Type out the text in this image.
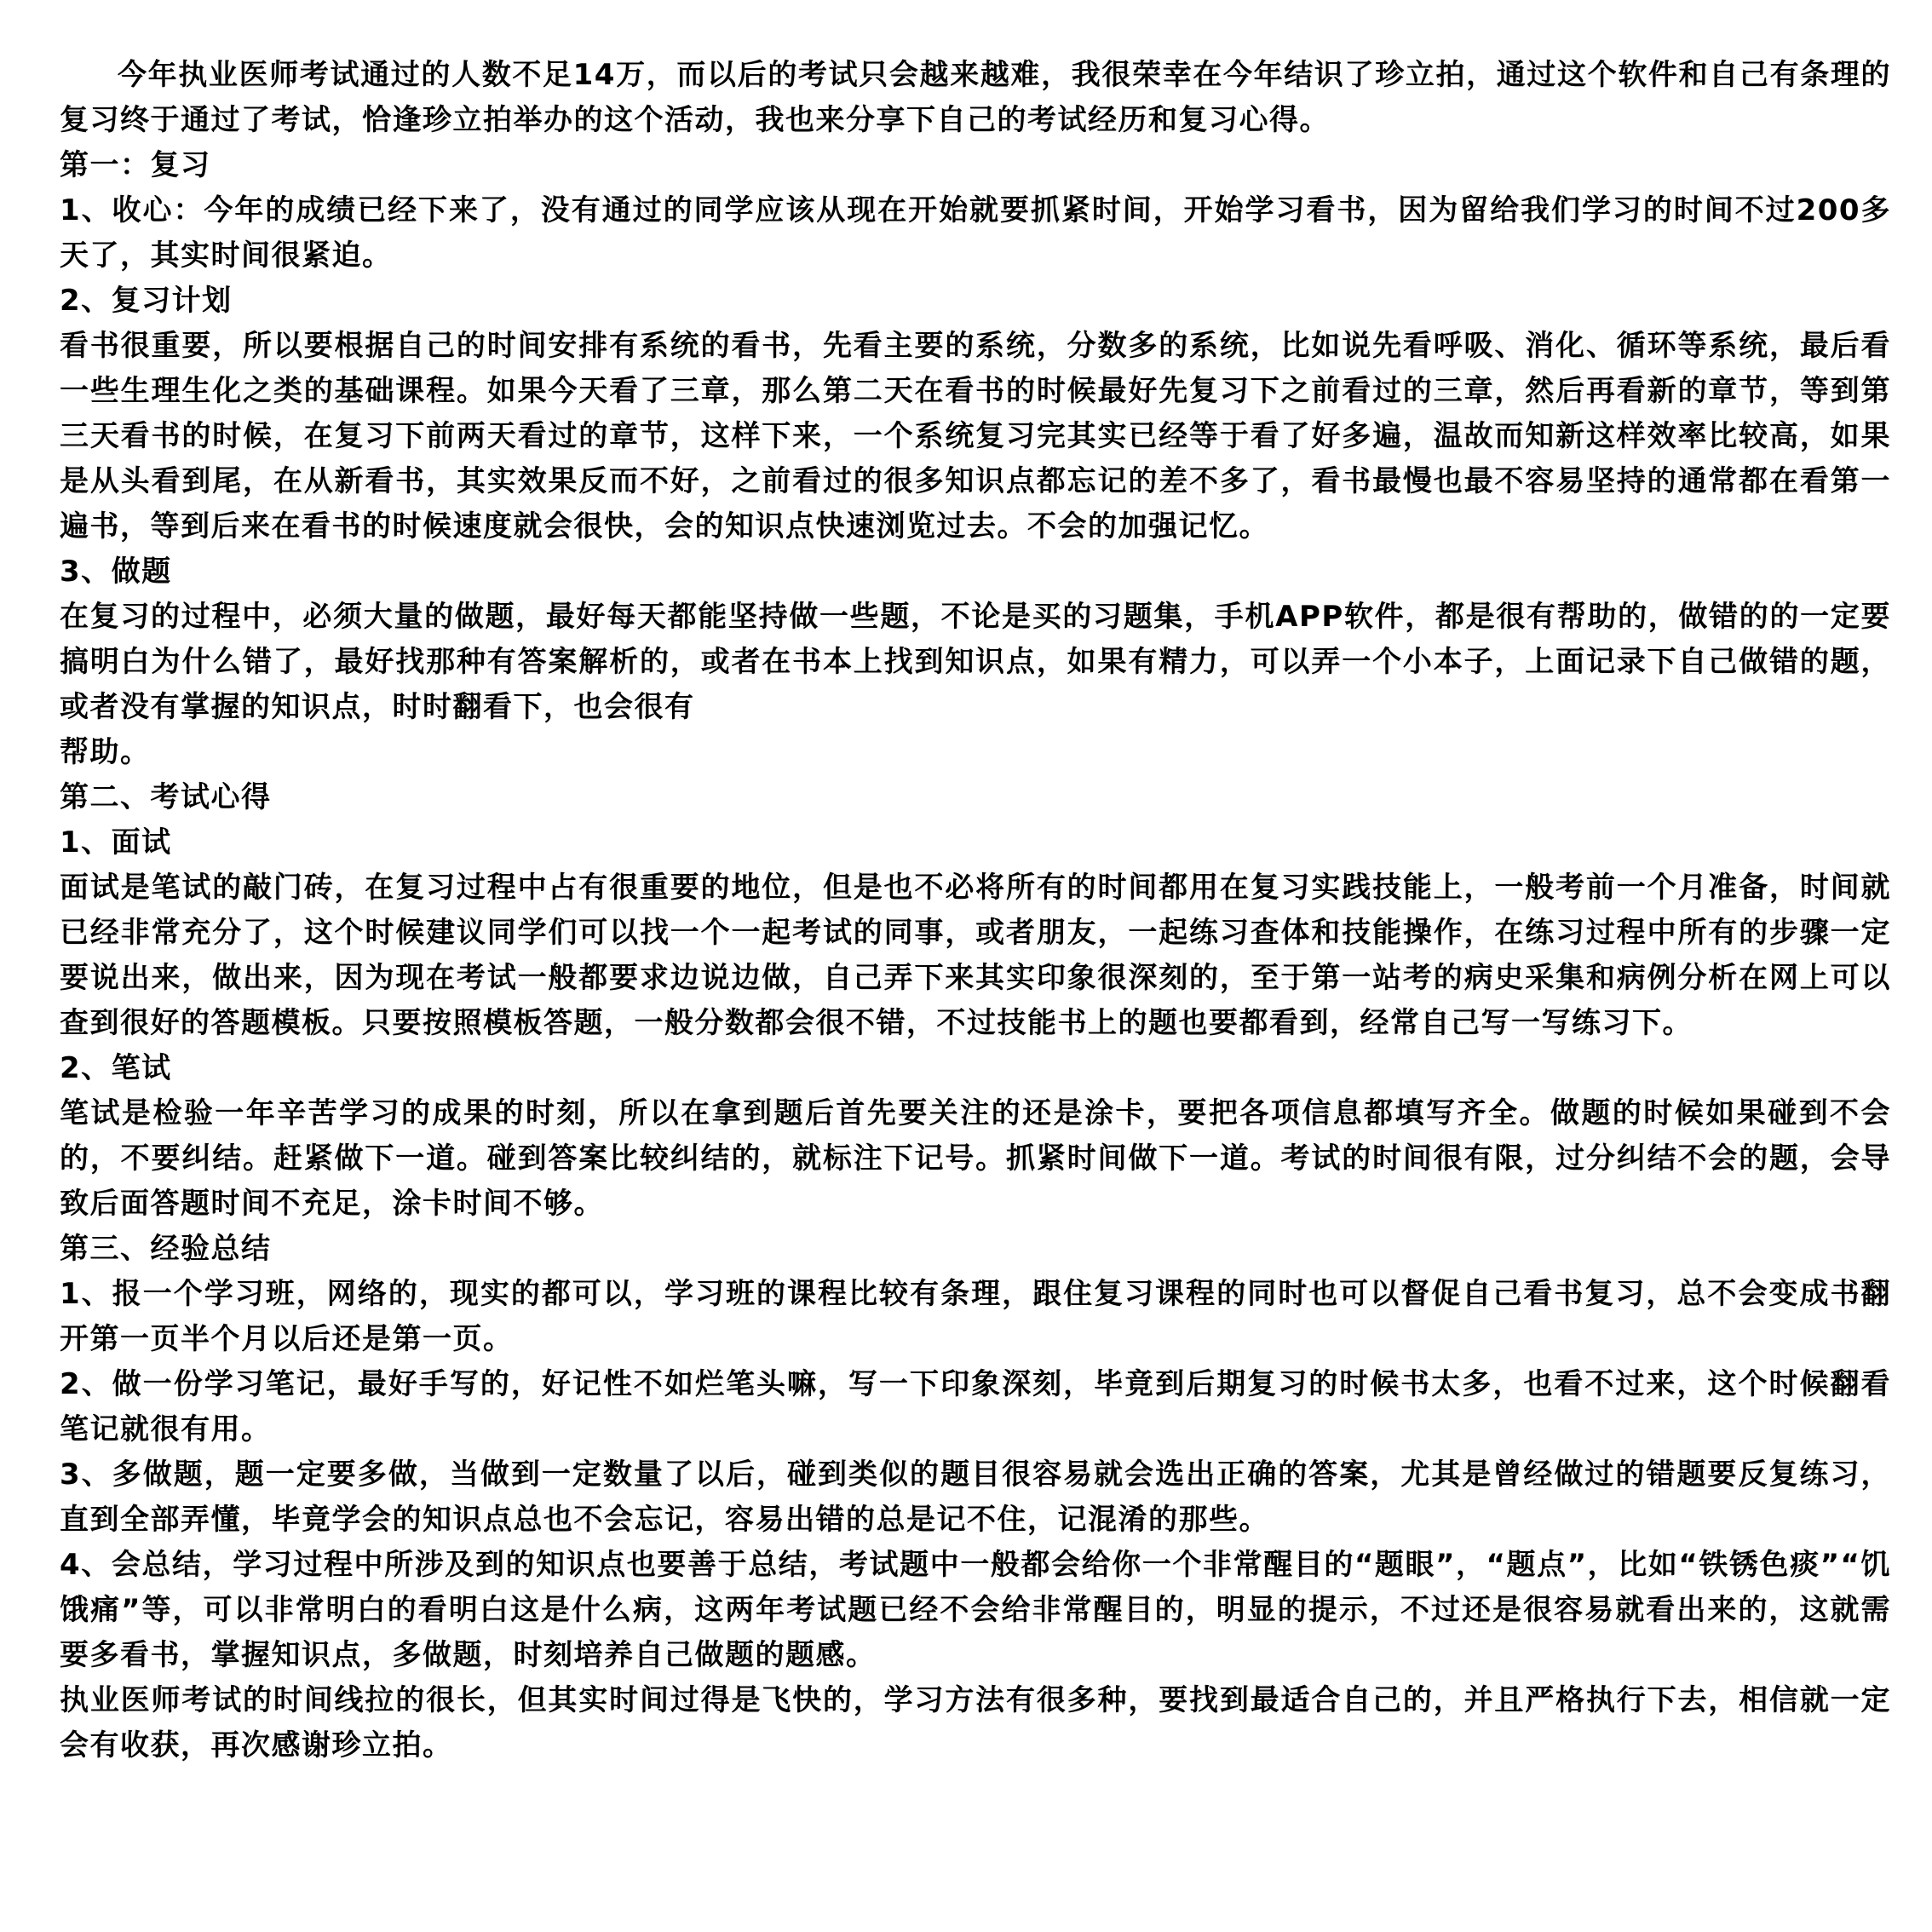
今年执业医师考试通过的人数不足14万，而以后的考试只会越来越难，我很荣幸在今年结识了珍立拍，通过这个软件和自己有条理的复习终于通过了考试，恰逢珍立拍举办的这个活动，我也来分享下自己的考试经历和复习心得。

第一：复习

1、收心：今年的成绩已经下来了，没有通过的同学应该从现在开始就要抓紧时间，开始学习看书，因为留给我们学习的时间不过200多天了，其实时间很紧迫。

2、复习计划

看书很重要，所以要根据自己的时间安排有系统的看书，先看主要的系统，分数多的系统，比如说先看呼吸、消化、循环等系统，最后看一些生理生化之类的基础课程。如果今天看了三章，那么第二天在看书的时候最好先复习下之前看过的三章，然后再看新的章节，等到第三天看书的时候，在复习下前两天看过的章节，这样下来，一个系统复习完其实已经等于看了好多遍，温故而知新这样效率比较高，如果是从头看到尾，在从新看书，其实效果反而不好，之前看过的很多知识点都忘记的差不多了，看书最慢也最不容易坚持的通常都在看第一遍书，等到后来在看书的时候速度就会很快，会的知识点快速浏览过去。不会的加强记忆。

3、做题

在复习的过程中，必须大量的做题，最好每天都能坚持做一些题，不论是买的习题集，手机APP软件，都是很有帮助的，做错的的一定要搞明白为什么错了，最好找那种有答案解析的，或者在书本上找到知识点，如果有精力，可以弄一个小本子，上面记录下自己做错的题，或者没有掌握的知识点，时时翻看下，也会很有

帮助。

第二、考试心得

1、面试

面试是笔试的敲门砖，在复习过程中占有很重要的地位，但是也不必将所有的时间都用在复习实践技能上，一般考前一个月准备，时间就已经非常充分了，这个时候建议同学们可以找一个一起考试的同事，或者朋友，一起练习查体和技能操作，在练习过程中所有的步骤一定要说出来，做出来，因为现在考试一般都要求边说边做，自己弄下来其实印象很深刻的，至于第一站考的病史采集和病例分析在网上可以查到很好的答题模板。只要按照模板答题，一般分数都会很不错，不过技能书上的题也要都看到，经常自己写一写练习下。

2、笔试

笔试是检验一年辛苦学习的成果的时刻，所以在拿到题后首先要关注的还是涂卡，要把各项信息都填写齐全。做题的时候如果碰到不会的，不要纠结。赶紧做下一道。碰到答案比较纠结的，就标注下记号。抓紧时间做下一道。考试的时间很有限，过分纠结不会的题，会导致后面答题时间不充足，涂卡时间不够。

第三、经验总结

1、报一个学习班，网络的，现实的都可以，学习班的课程比较有条理，跟住复习课程的同时也可以督促自己看书复习，总不会变成书翻开第一页半个月以后还是第一页。

2、做一份学习笔记，最好手写的，好记性不如烂笔头嘛，写一下印象深刻，毕竟到后期复习的时候书太多，也看不过来，这个时候翻看笔记就很有用。

3、多做题，题一定要多做，当做到一定数量了以后，碰到类似的题目很容易就会选出正确的答案，尤其是曾经做过的错题要反复练习，直到全部弄懂，毕竟学会的知识点总也不会忘记，容易出错的总是记不住，记混淆的那些。

4、会总结，学习过程中所涉及到的知识点也要善于总结，考试题中一般都会给你一个非常醒目的“题眼”，“题点”，比如“铁锈色痰”“饥饿痛”等，可以非常明白的看明白这是什么病，这两年考试题已经不会给非常醒目的，明显的提示，不过还是很容易就看出来的，这就需要多看书，掌握知识点，多做题，时刻培养自己做题的题感。

执业医师考试的时间线拉的很长，但其实时间过得是飞快的，学习方法有很多种，要找到最适合自己的，并且严格执行下去，相信就一定会有收获，再次感谢珍立拍。
